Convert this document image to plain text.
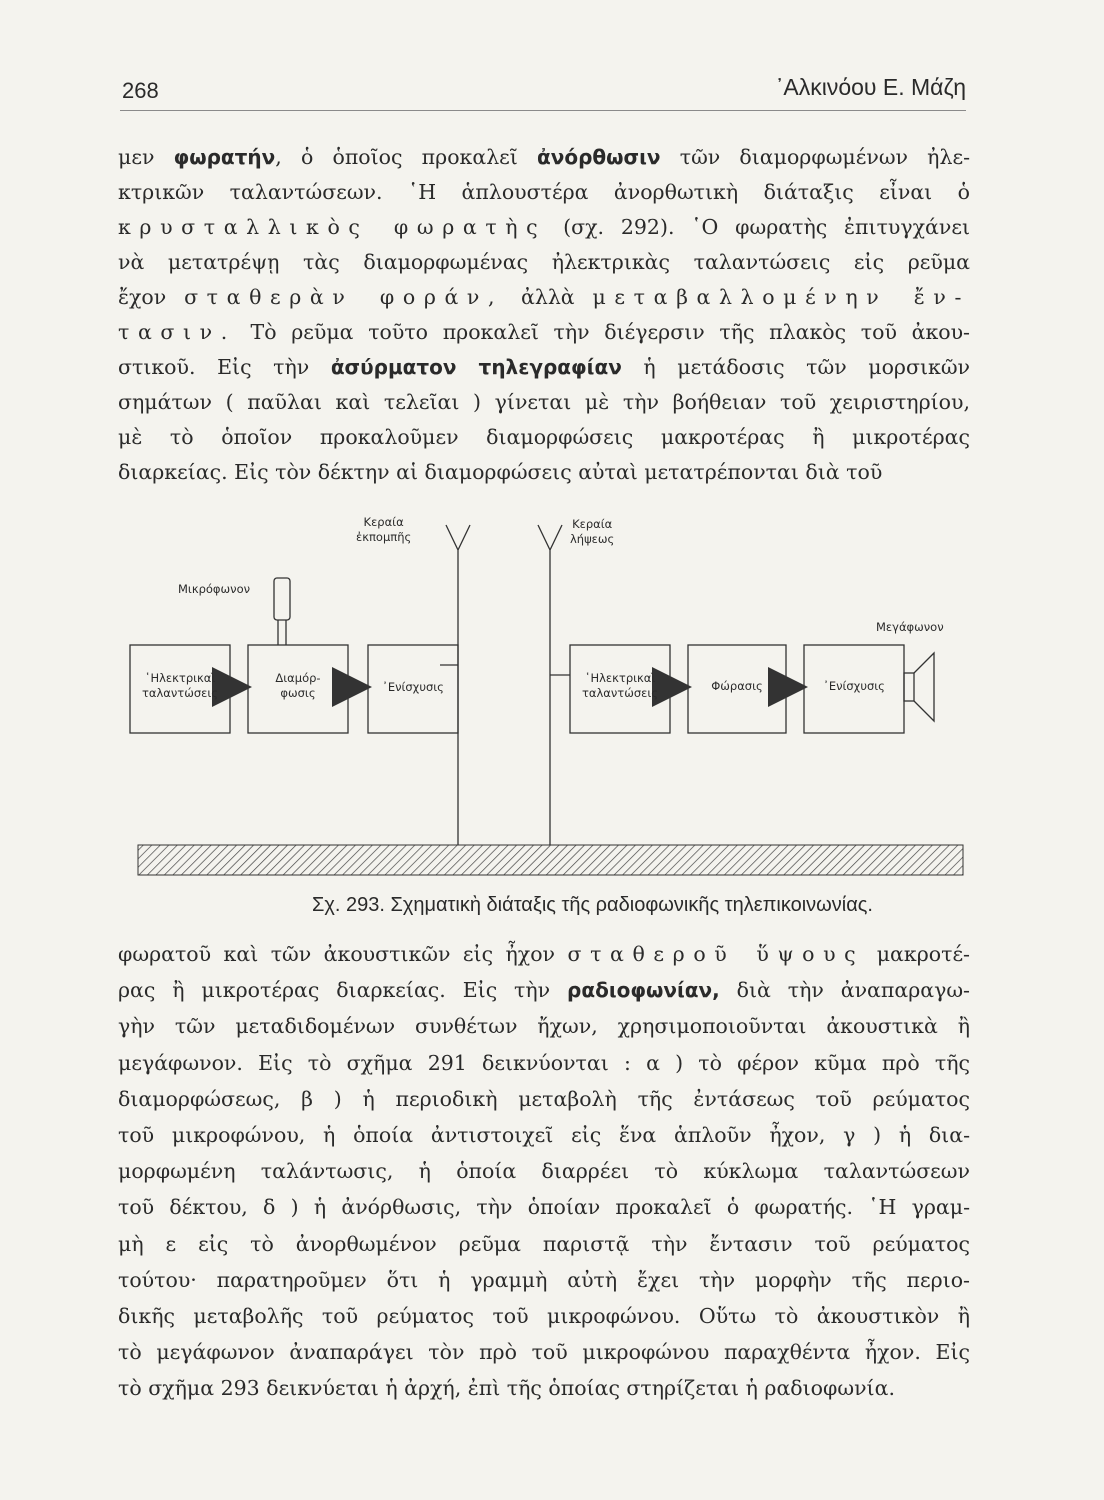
268	᾿Αλκινόου Ε. Μάζη
μεν φωρατήν, ὁ ὁποῖος προκαλεῖ ἀνόρθωσιν τῶν διαμορφωμένων ἠλε-
κτρικῶν ταλαντώσεων. ῾Η ἁπλουστέρα ἀνορθωτικὴ διάταξις εἶναι ὁ
κρυσταλλικὸς φωρατὴς (σχ. 292). ῾Ο φωρατὴς ἐπιτυγχάνει
νὰ μετατρέψῃ τὰς διαμορφωμένας ἠλεκτρικὰς ταλαντώσεις εἰς ρεῦμα
ἔχον σταθερὰν φοράν, ἀλλὰ μεταβαλλομένην ἔν-
τασιν. Τὸ ρεῦμα τοῦτο προκαλεῖ τὴν διέγερσιν τῆς πλακὸς τοῦ ἀκου-
στικοῦ. Εἰς τὴν ἀσύρματον τηλεγραφίαν ἡ μετάδοσις τῶν μορσικῶν
σημάτων ( παῦλαι καὶ τελεῖαι ) γίνεται μὲ τὴν βοήθειαν τοῦ χειριστηρίου,
μὲ τὸ ὁποῖον προκαλοῦμεν διαμορφώσεις μακροτέρας ἢ μικροτέρας
διαρκείας. Εἰς τὸν δέκτην αἱ διαμορφώσεις αὐταὶ μετατρέπονται διὰ τοῦ
Κεραία
ἐκπομπῆς
Κεραία
λήψεως
Μικρόφωνον
Μεγάφωνον
῾Ηλεκτρικαὶ
ταλαντώσεις
Διαμόρ-
φωσις	᾿Ενίσχυσις
῾Ηλεκτρικαὶ
ταλαντώσεις	Φώρασις	᾿Ενίσχυσις
Σχ. 293. Σχηματικὴ διάταξις τῆς ραδιοφωνικῆς τηλεπικοινωνίας.
φωρατοῦ καὶ τῶν ἀκουστικῶν εἰς ἦχον σταθεροῦ ὕψους μακροτέ-
ρας ἢ μικροτέρας διαρκείας. Εἰς τὴν ραδιοφωνίαν, διὰ τὴν ἀναπαραγω-
γὴν τῶν μεταδιδομένων συνθέτων ἤχων, χρησιμοποιοῦνται ἀκουστικὰ ἢ
μεγάφωνον. Εἰς τὸ σχῆμα 291 δεικνύονται : α ) τὸ φέρον κῦμα πρὸ τῆς
διαμορφώσεως, β ) ἡ περιοδικὴ μεταβολὴ τῆς ἐντάσεως τοῦ ρεύματος
τοῦ μικροφώνου, ἡ ὁποία ἀντιστοιχεῖ εἰς ἕνα ἁπλοῦν ἦχον, γ ) ἡ δια-
μορφωμένη ταλάντωσις, ἡ ὁποία διαρρέει τὸ κύκλωμα ταλαντώσεων
τοῦ δέκτου, δ ) ἡ ἀνόρθωσις, τὴν ὁποίαν προκαλεῖ ὁ φωρατής. ῾Η γραμ-
μὴ ε εἰς τὸ ἀνορθωμένον ρεῦμα παριστᾷ τὴν ἔντασιν τοῦ ρεύματος
τούτου· παρατηροῦμεν ὅτι ἡ γραμμὴ αὐτὴ ἔχει τὴν μορφὴν τῆς περιο-
δικῆς μεταβολῆς τοῦ ρεύματος τοῦ μικροφώνου. Οὕτω τὸ ἀκουστικὸν ἢ
τὸ μεγάφωνον ἀναπαράγει τὸν πρὸ τοῦ μικροφώνου παραχθέντα ἦχον. Εἰς
τὸ σχῆμα 293 δεικνύεται ἡ ἀρχή, ἐπὶ τῆς ὁποίας στηρίζεται ἡ ραδιοφωνία.
